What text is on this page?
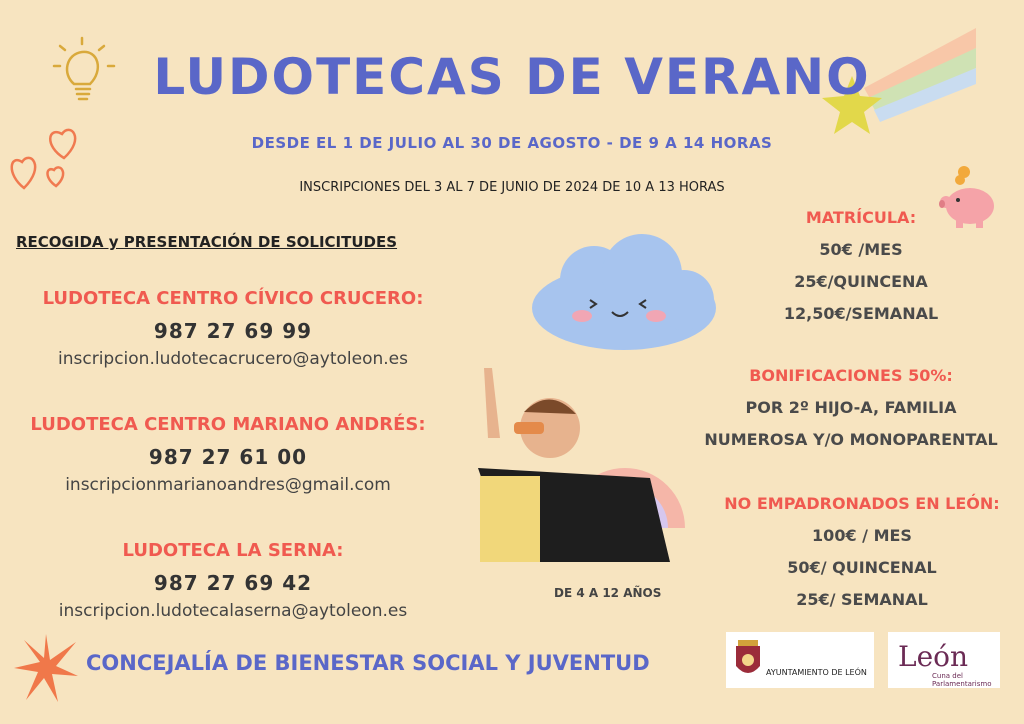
LUDOTECAS DE VERANO
DESDE EL 1 DE JULIO AL 30 DE AGOSTO - DE 9 A 14 HORAS
INSCRIPCIONES DEL 3 AL 7 DE JUNIO DE 2024 DE 10 A 13 HORAS
RECOGIDA y PRESENTACIÓN DE SOLICITUDES
LUDOTECA CENTRO CÍVICO CRUCERO:
987 27 69 99
inscripcion.ludotecacrucero@aytoleon.es
LUDOTECA CENTRO MARIANO ANDRÉS:
987 27 61 00
inscripcionmarianoandres@gmail.com
LUDOTECA LA SERNA:
987 27 69 42
inscripcion.ludotecalaserna@aytoleon.es
DE 4 A 12 AÑOS
MATRÍCULA:
50€ /MES
25€/QUINCENA
12,50€/SEMANAL
BONIFICACIONES 50%:
POR 2º HIJO-A, FAMILIA
NUMEROSA Y/O MONOPARENTAL
NO EMPADRONADOS EN LEÓN:
100€ / MES
50€/ QUINCENAL
25€/ SEMANAL
CONCEJALÍA DE BIENESTAR SOCIAL Y JUVENTUD	AYUNTAMIENTO DE LEÓN León
Cuna del Parlamentarismo
